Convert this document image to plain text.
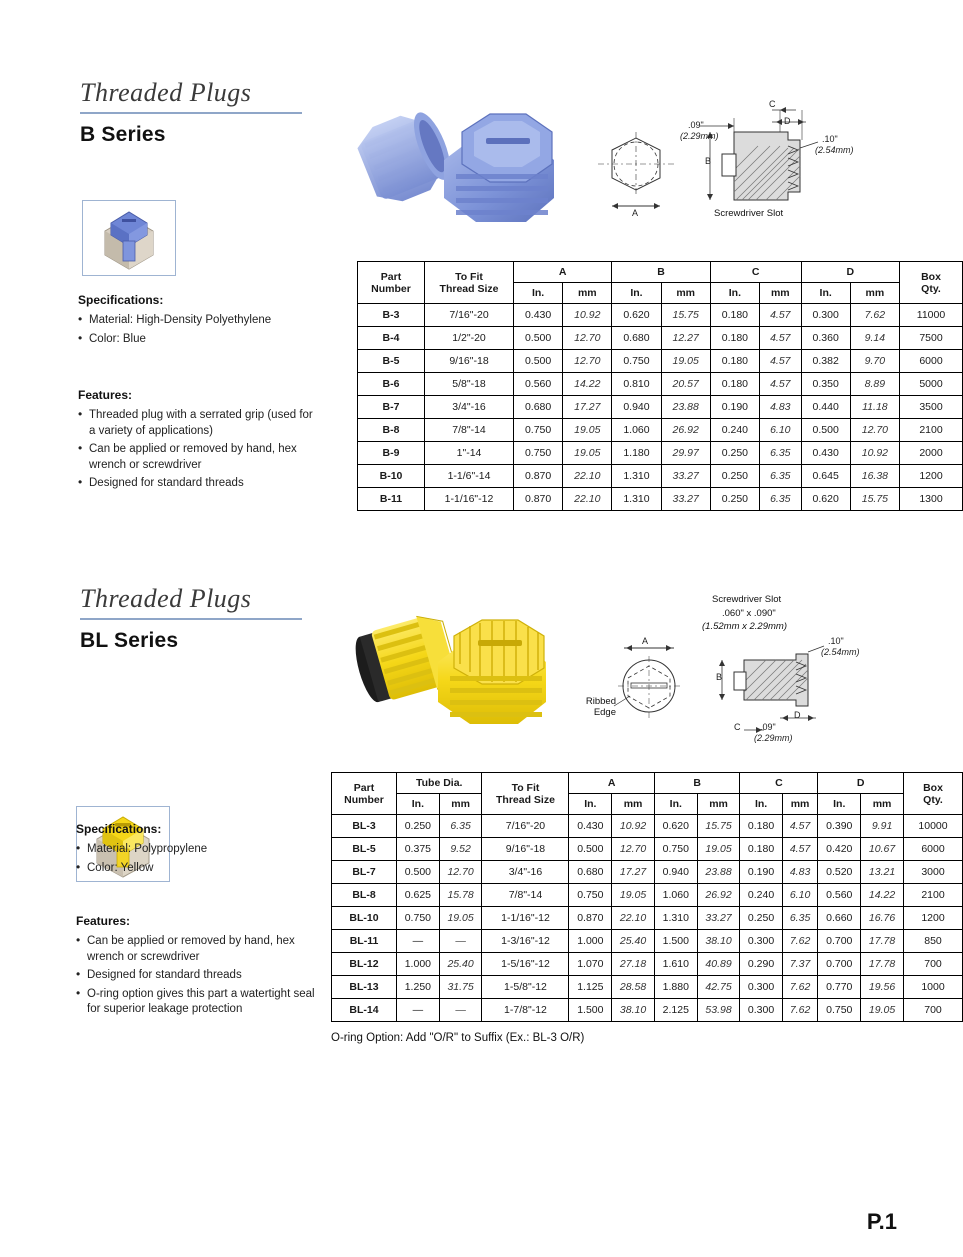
Threaded Plugs
B Series
Specifications:
• Material: High-Density Polyethylene
• Color: Blue
Features:
• Threaded plug with a serrated grip (used for a variety of applications)
• Can be applied or removed by hand, hex wrench or screwdriver
• Designed for standard threads
A
.09"
(2.29mm)
C
D
B
.10"
(2.54mm)
Screwdriver Slot
Part
Number	To Fit
Thread Size	A		B		C		D		Box
Qty.
		In.	mm	In.	mm	In.	mm	In.	mm	
B-3	7/16"-20	0.430	10.92	0.620	15.75	0.180	4.57	0.300	7.62	11000
B-4	1/2"-20	0.500	12.70	0.680	12.27	0.180	4.57	0.360	9.14	7500
B-5	9/16"-18	0.500	12.70	0.750	19.05	0.180	4.57	0.382	9.70	6000
B-6	5/8"-18	0.560	14.22	0.810	20.57	0.180	4.57	0.350	8.89	5000
B-7	3/4"-16	0.680	17.27	0.940	23.88	0.190	4.83	0.440	11.18	3500
B-8	7/8"-14	0.750	19.05	1.060	26.92	0.240	6.10	0.500	12.70	2100
B-9	1"-14	0.750	19.05	1.180	29.97	0.250	6.35	0.430	10.92	2000
B-10	1-1/6"-14	0.870	22.10	1.310	33.27	0.250	6.35	0.645	16.38	1200
B-11	1-1/16"-12	0.870	22.10	1.310	33.27	0.250	6.35	0.620	15.75	1300
Threaded Plugs
BL Series
Specifications:
• Material: Polypropylene
• Color: Yellow
Features:
• Can be applied or removed by hand, hex wrench or screwdriver
• Designed for standard threads
• O-ring option gives this part a watertight seal for superior leakage protection
A
Ribbed
Edge
Screwdriver Slot
.060" x .090"
(1.52mm x 2.29mm)
.10"
(2.54mm)
B
D
C .09"
(2.29mm)
Part
Number	Tube Dia.		To Fit
Thread Size	A		B		C		D		Box
Qty.
	In.	mm		In.	mm	In.	mm	In.	mm	In.	mm	
BL-3	0.250	6.35	7/16"-20	0.430	10.92	0.620	15.75	0.180	4.57	0.390	9.91	10000
BL-5	0.375	9.52	9/16"-18	0.500	12.70	0.750	19.05	0.180	4.57	0.420	10.67	6000
BL-7	0.500	12.70	3/4"-16	0.680	17.27	0.940	23.88	0.190	4.83	0.520	13.21	3000
BL-8	0.625	15.78	7/8"-14	0.750	19.05	1.060	26.92	0.240	6.10	0.560	14.22	2100
BL-10	0.750	19.05	1-1/16"-12	0.870	22.10	1.310	33.27	0.250	6.35	0.660	16.76	1200
BL-11	—	—	1-3/16"-12	1.000	25.40	1.500	38.10	0.300	7.62	0.700	17.78	850
BL-12	1.000	25.40	1-5/16"-12	1.070	27.18	1.610	40.89	0.290	7.37	0.700	17.78	700
BL-13	1.250	31.75	1-5/8"-12	1.125	28.58	1.880	42.75	0.300	7.62	0.770	19.56	1000
BL-14	—	—	1-7/8"-12	1.500	38.10	2.125	53.98	0.300	7.62	0.750	19.05	700
O-ring Option: Add "O/R" to Suffix (Ex.: BL-3 O/R)
P.1
